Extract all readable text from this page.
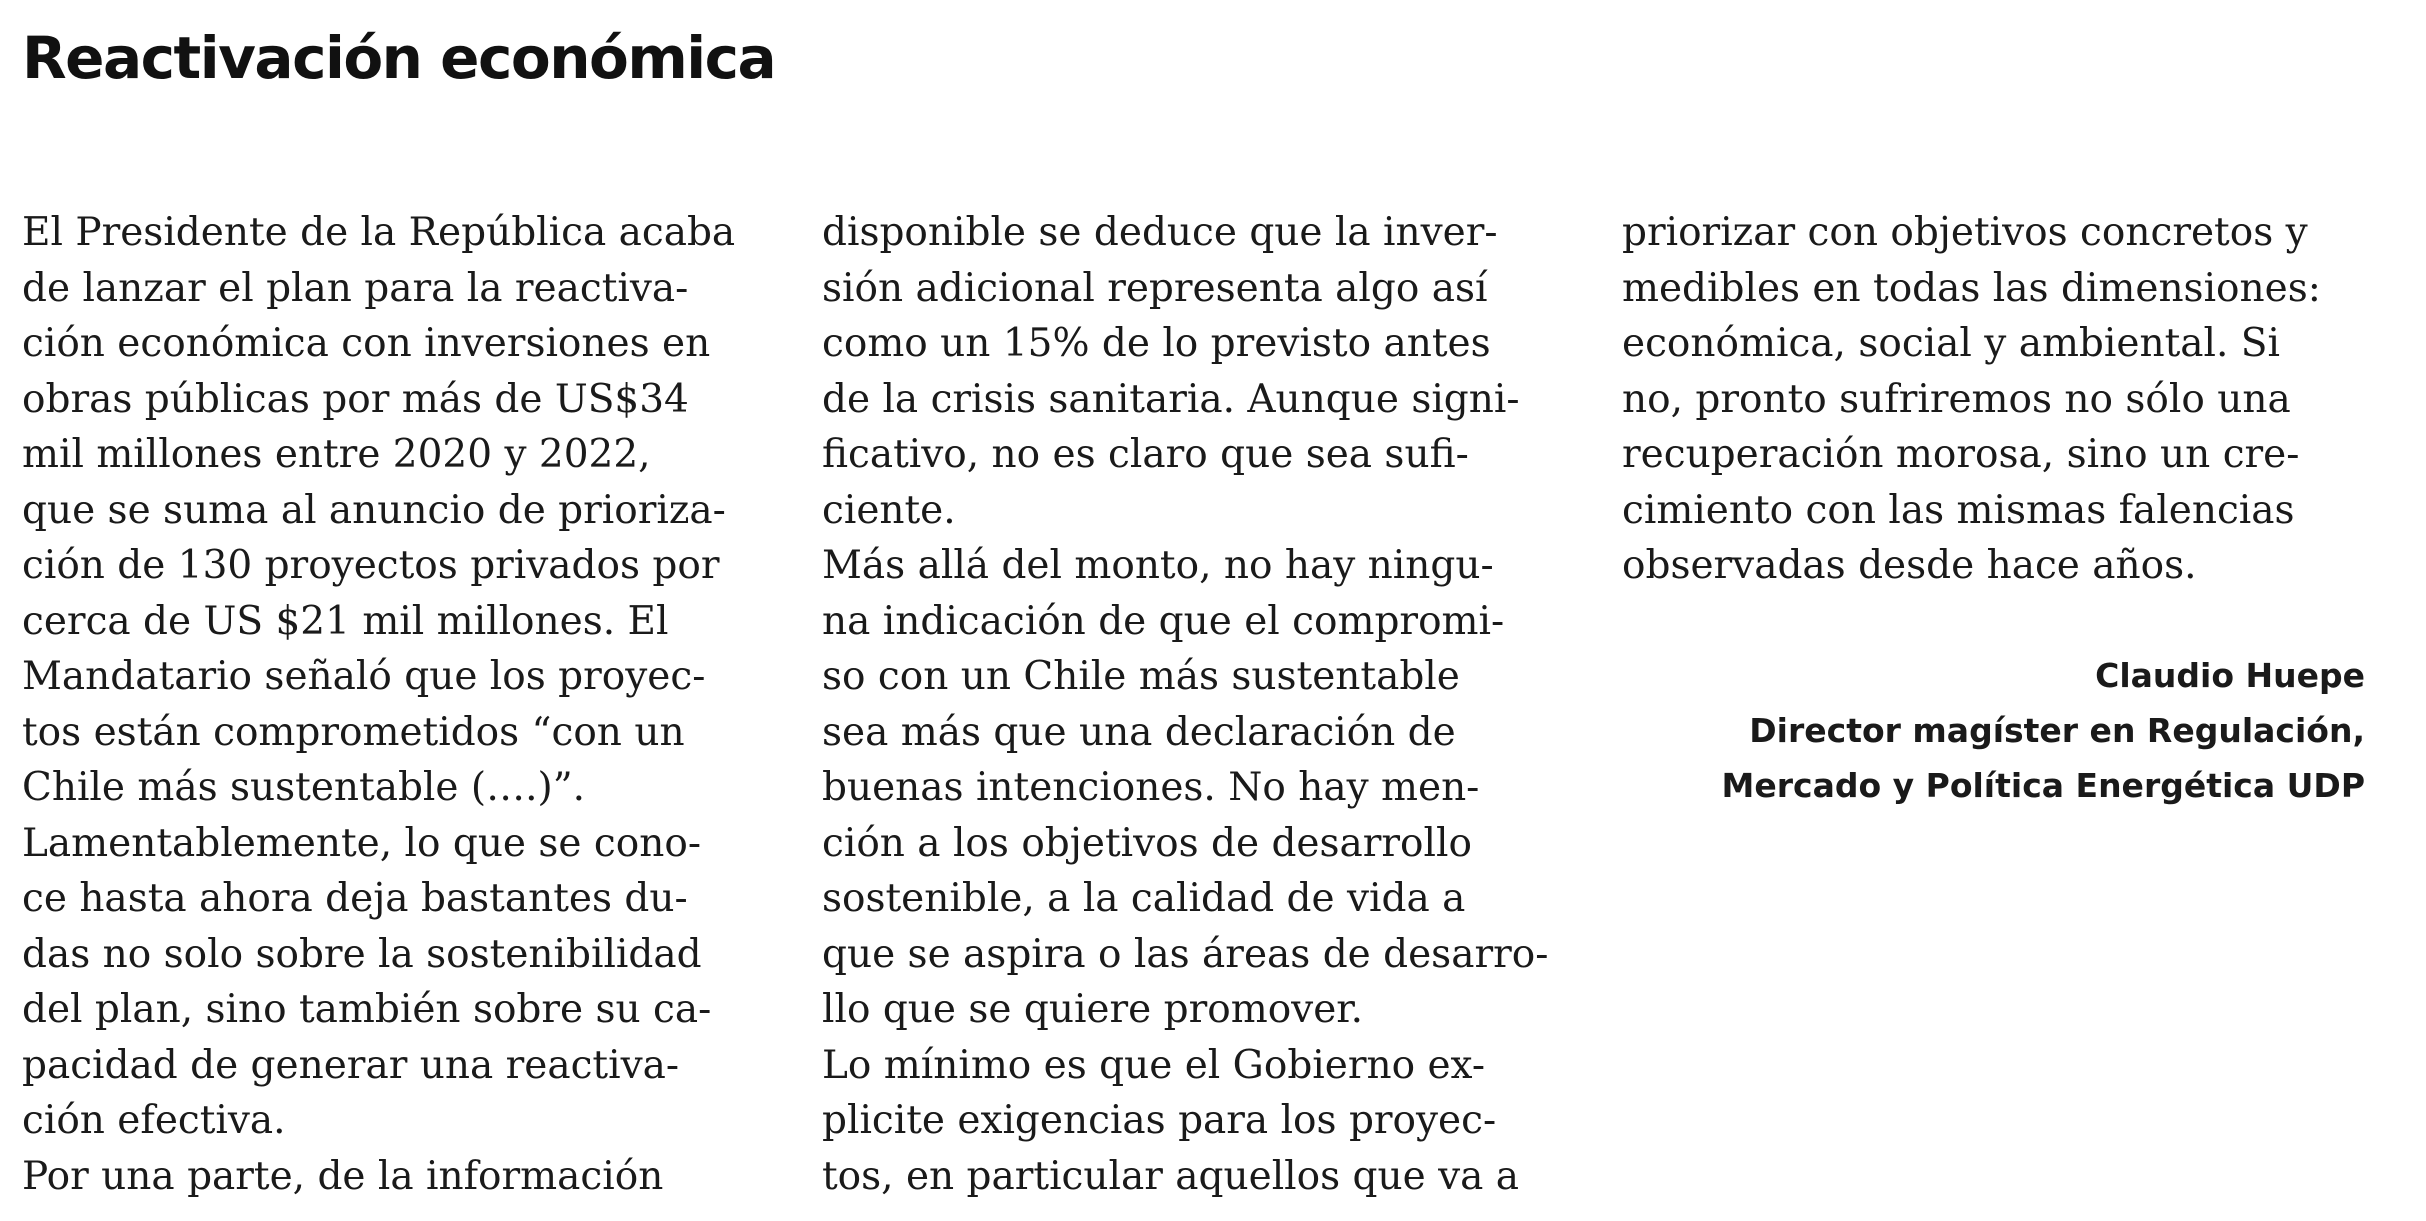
Reactivación económica
El Presidente de la República acaba
de lanzar el plan para la reactiva-
ción económica con inversiones en
obras públicas por más de US$34
mil millones entre 2020 y 2022,
que se suma al anuncio de prioriza-
ción de 130 proyectos privados por
cerca de US $21 mil millones. El
Mandatario señaló que los proyec-
tos están comprometidos “con un
Chile más sustentable (….)”.
Lamentablemente, lo que se cono-
ce hasta ahora deja bastantes du-
das no solo sobre la sostenibilidad
del plan, sino también sobre su ca-
pacidad de generar una reactiva-
ción efectiva.
Por una parte, de la información
disponible se deduce que la inver-
sión adicional representa algo así
como un 15% de lo previsto antes
de la crisis sanitaria. Aunque signi-
ficativo, no es claro que sea sufi-
ciente.
Más allá del monto, no hay ningu-
na indicación de que el compromi-
so con un Chile más sustentable
sea más que una declaración de
buenas intenciones. No hay men-
ción a los objetivos de desarrollo
sostenible, a la calidad de vida a
que se aspira o las áreas de desarro-
llo que se quiere promover.
Lo mínimo es que el Gobierno ex-
plicite exigencias para los proyec-
tos, en particular aquellos que va a
priorizar con objetivos concretos y
medibles en todas las dimensiones:
económica, social y ambiental. Si
no, pronto sufriremos no sólo una
recuperación morosa, sino un cre-
cimiento con las mismas falencias
observadas desde hace años.
Claudio Huepe
Director magíster en Regulación,
Mercado y Política Energética UDP
